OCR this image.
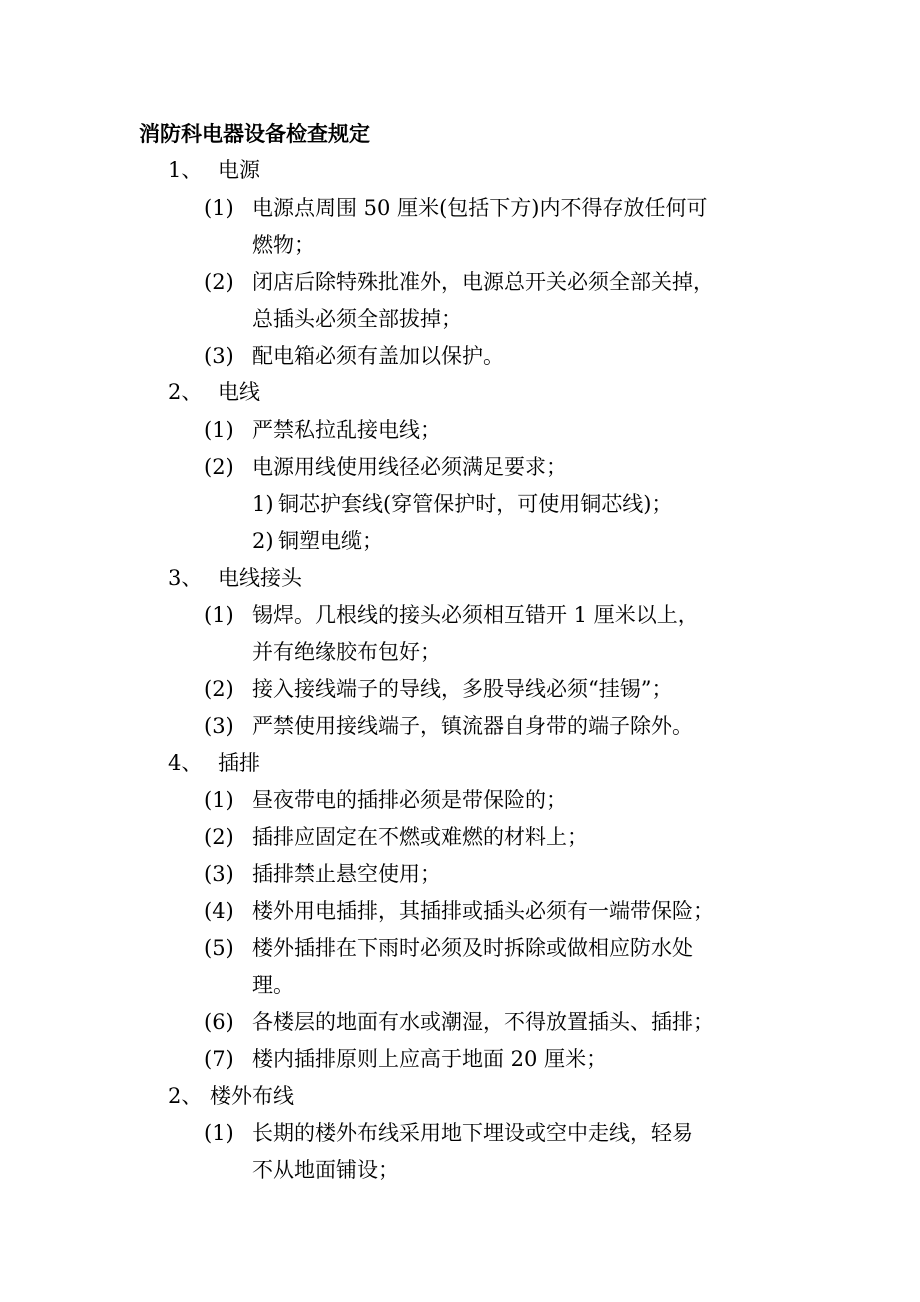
消防科电器设备检查规定
1、 电源
(1) 电源点周围 50 厘米(包括下方)内不得存放任何可
燃物；
(2) 闭店后除特殊批准外，电源总开关必须全部关掉，
总插头必须全部拔掉；
(3) 配电箱必须有盖加以保护。
2、 电线
(1) 严禁私拉乱接电线；
(2) 电源用线使用线径必须满足要求；
1) 铜芯护套线(穿管保护时，可使用铜芯线)；
2) 铜塑电缆；
3、 电线接头
(1) 锡焊。几根线的接头必须相互错开 1 厘米以上，
并有绝缘胶布包好；
(2) 接入接线端子的导线，多股导线必须“挂锡”；
(3) 严禁使用接线端子，镇流器自身带的端子除外。
4、 插排
(1) 昼夜带电的插排必须是带保险的；
(2) 插排应固定在不燃或难燃的材料上；
(3) 插排禁止悬空使用；
(4) 楼外用电插排，其插排或插头必须有一端带保险；
(5) 楼外插排在下雨时必须及时拆除或做相应防水处
理。
(6) 各楼层的地面有水或潮湿，不得放置插头、插排；
(7) 楼内插排原则上应高于地面 20 厘米；
2、 楼外布线
(1) 长期的楼外布线采用地下埋设或空中走线，轻易
不从地面铺设；
